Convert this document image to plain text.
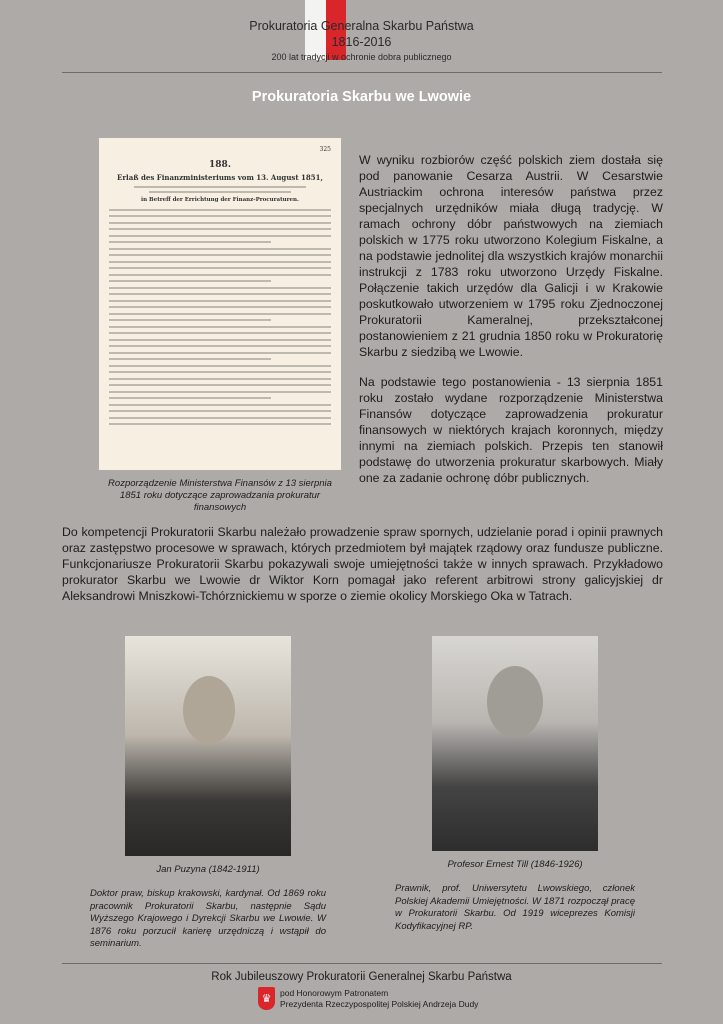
Prokuratoria Generalna Skarbu Państwa
1816-2016
200 lat tradycji w ochronie dobra publicznego
Prokuratoria Skarbu we Lwowie
325
188.
Erlaß des Finanzministeriums vom 13. August 1851,
in Betreff der Errichtung der Finanz-Procuraturen.
Rozporządzenie Ministerstwa Finansów z 13 sierpnia 1851 roku dotyczące zaprowadzania prokuratur finansowych
W wyniku rozbiorów część polskich ziem dostała się pod panowanie Cesarza Austrii. W Cesarstwie Austriackim ochrona interesów państwa przez specjalnych urzędników miała długą tradycję. W ramach ochrony dóbr państwowych na ziemiach polskich w 1775 roku utworzono Kolegium Fiskalne, a na podstawie jednolitej dla wszystkich krajów monarchii instrukcji z 1783 roku utworzono Urzędy Fiskalne. Połączenie takich urzędów dla Galicji i w Krakowie poskutkowało utworzeniem w 1795 roku Zjednoczonej Prokuratorii Kameralnej, przekształconej postanowieniem z 21 grudnia 1850 roku w Prokuratorię Skarbu z siedzibą we Lwowie.
Na podstawie tego postanowienia - 13 sierpnia 1851 roku zostało wydane rozporządzenie Ministerstwa Finansów dotyczące zaprowadzenia prokuratur finansowych w niektórych krajach koronnych, między innymi na ziemiach polskich. Przepis ten stanowił podstawę do utworzenia prokuratur skarbowych. Miały one za zadanie ochronę dóbr publicznych.
Do kompetencji Prokuratorii Skarbu należało prowadzenie spraw spornych, udzielanie porad i opinii prawnych oraz zastępstwo procesowe w sprawach, których przedmiotem był majątek rządowy oraz fundusze publiczne. Funkcjonariusze Prokuratorii Skarbu pokazywali swoje umiejętności także w innych sprawach. Przykładowo prokurator Skarbu we Lwowie dr Wiktor Korn pomagał jako referent arbitrowi strony galicyjskiej dr Aleksandrowi Mniszkowi-Tchórznickiemu w sporze o ziemie okolicy Morskiego Oka w Tatrach.
Jan Puzyna (1842-1911)
Doktor praw, biskup krakowski, kardynał. Od 1869 roku pracownik Prokuratorii Skarbu, następnie Sądu Wyższego Krajowego i Dyrekcji Skarbu we Lwowie. W 1876 roku porzucił karierę urzędniczą i wstąpił do seminarium.
Profesor Ernest Till (1846-1926)
Prawnik, prof. Uniwersytetu Lwowskiego, członek Polskiej Akademii Umiejętności. W 1871 rozpoczął pracę w Prokuratorii Skarbu. Od 1919 wiceprezes Komisji Kodyfikacyjnej RP.
Rok Jubileuszowy Prokuratorii Generalnej Skarbu Państwa
♛	pod Honorowym Patronatem
Prezydenta Rzeczypospolitej Polskiej Andrzeja Dudy
